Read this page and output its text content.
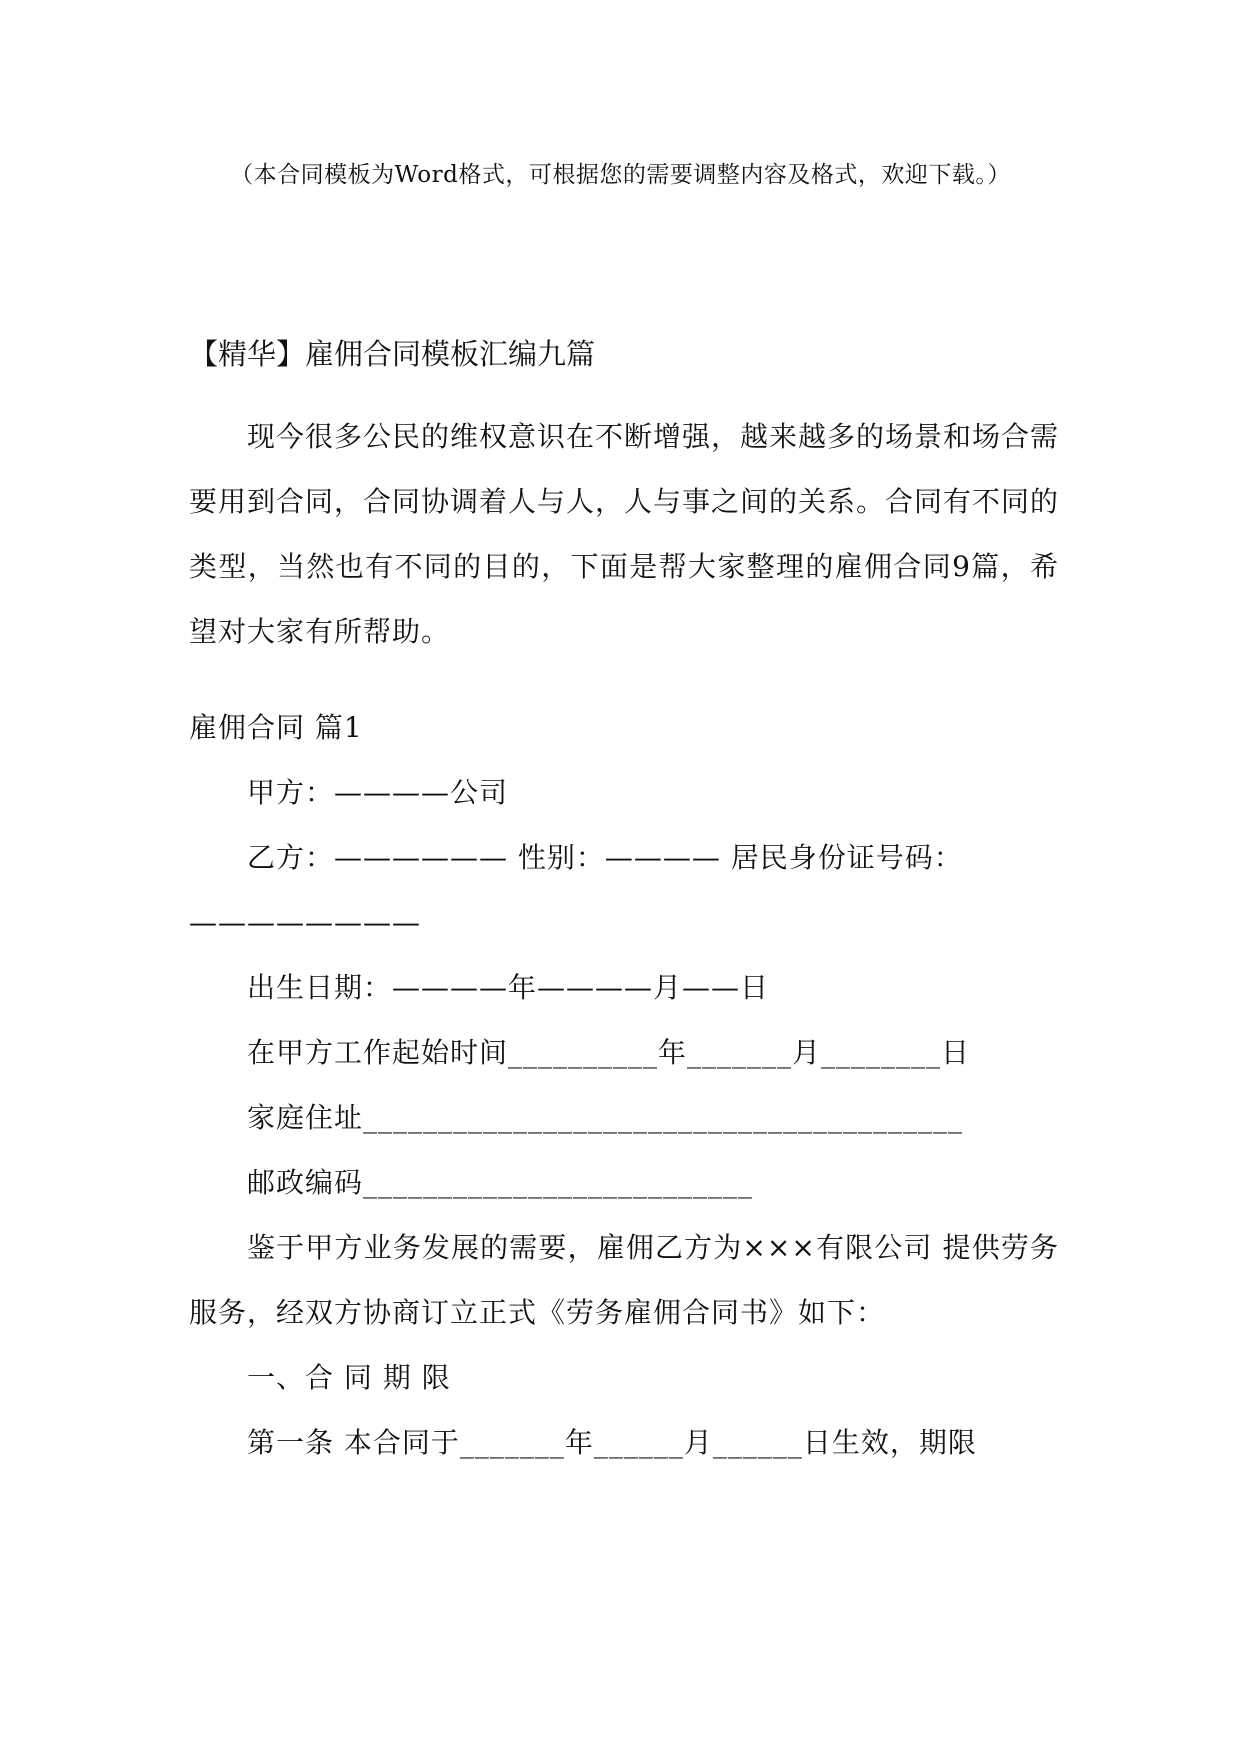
（本合同模板为Word格式，可根据您的需要调整内容及格式，欢迎下载。）
【精华】雇佣合同模板汇编九篇

现今很多公民的维权意识在不断增强，越来越多的场景和场合需要用到合同，合同协调着人与人，人与事之间的关系。合同有不同的类型，当然也有不同的目的，下面是帮大家整理的雇佣合同9篇，希望对大家有所帮助。

雇佣合同 篇1

甲方：————公司

乙方：—————— 性别：———— 居民身份证号码：

————————

出生日期：————年————月——日

在甲方工作起始时间__________年_______月________日

家庭住址________________________________________

邮政编码__________________________

鉴于甲方业务发展的需要，雇佣乙方为×××有限公司 提供劳务服务，经双方协商订立正式《劳务雇佣合同书》如下：

一、合 同 期 限

第一条 本合同于_______年______月______日生效，期限
